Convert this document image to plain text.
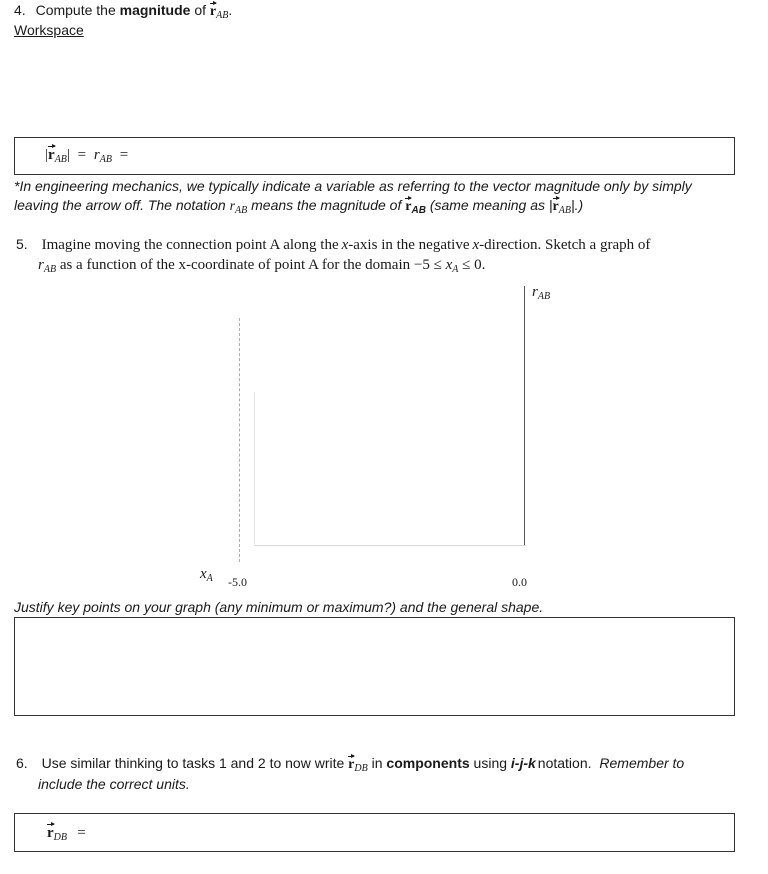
4. Compute the magnitude of $r_{AB}$.
Workspace
$|r_{AB}| = r_{AB}$ =
*In engineering mechanics, we typically indicate a variable as referring to the vector magnitude only by simply
leaving the arrow off. The notation $r_{AB}$ means the magnitude of $r_{AB}$ (same meaning as $|r_{AB}|$.)
5. Imagine moving the connection point A along the x-axis in the negative x-direction. Sketch a graph of
$r_{AB}$ as a function of the x-coordinate of point A for the domain $-5 \le x_A \le 0$.
$r_{AB}$
$x_A$ -5.0	0.0
Justify key points on your graph (any minimum or maximum?) and the general shape.
6. Use similar thinking to tasks 1 and 2 to now write $r_{DB}$ in components using i-j-k notation. Remember to
include the correct units.
$r_{DB}$ =
